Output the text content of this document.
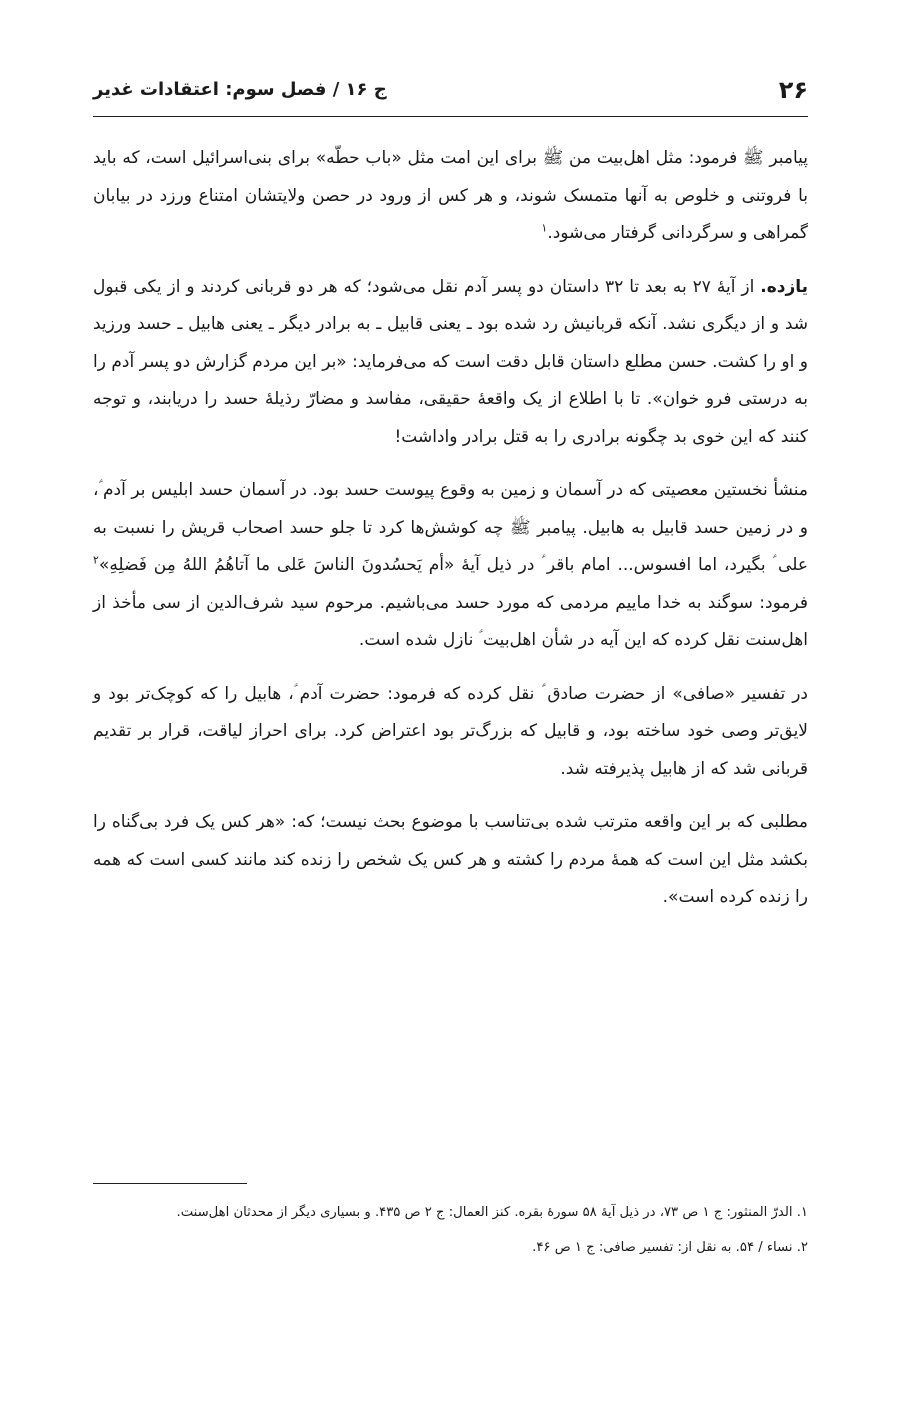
۲۶
ج ۱۶ / فصل سوم: اعتقادات غدیر

پیامبر ﷺ فرمود: مثل اهل‌بیت من ﷺ برای این امت مثل «باب حطّه» برای بنی‌اسرائیل است، که باید با فروتنی و خلوص به آنها متمسک شوند، و هر کس از ورود در حصن ولایتشان امتناع ورزد در بیابان گمراهی و سرگردانی گرفتار می‌شود.$^۱$

یازده. از آیهٔ ۲۷ به بعد تا ۳۲ داستان دو پسر آدم نقل می‌شود؛ که هر دو قربانی کردند و از یکی قبول شد و از دیگری نشد. آنکه قربانیش رد شده بود ـ یعنی قابیل ـ به برادر دیگر ـ یعنی هابیل ـ حسد ورزید و او را کشت. حسن مطلع داستان قابل دقت است که می‌فرماید: «بر این مردم گزارش دو پسر آدم را به درستی فرو خوان». تا با اطلاع از یک واقعهٔ حقیقی، مفاسد و مضارّ رذیلهٔ حسد را دریابند، و توجه کنند که این خوی بد چگونه برادری را به قتل برادر واداشت!

منشأ نخستین معصیتی که در آسمان و زمین به وقوع پیوست حسد بود. در آسمان حسد ابلیس بر آدم ؑ، و در زمین حسد قابیل به هابیل. پیامبر ﷺ چه کوشش‌ها کرد تا جلو حسد اصحاب قریش را نسبت به علی ؑ بگیرد، اما افسوس... امام باقر ؑ در ذیل آیهٔ «أم یَحسُدونَ الناسَ عَلی ما آتاهُمُ اللهُ مِن فَضلِهِ»$^۲$ فرمود: سوگند به خدا ماییم مردمی که مورد حسد می‌باشیم. مرحوم سید شرف‌الدین از سی مأخذ از اهل‌سنت نقل کرده که این آیه در شأن اهل‌بیت ؑ نازل شده است.

در تفسیر «صافی» از حضرت صادق ؑ نقل کرده که فرمود: حضرت آدم ؑ، هابیل را که کوچک‌تر بود و لایق‌تر وصی خود ساخته بود، و قابیل که بزرگ‌تر بود اعتراض کرد. برای احراز لیاقت، قرار بر تقدیم قربانی شد که از هابیل پذیرفته شد.

مطلبی که بر این واقعه مترتب شده بی‌تناسب با موضوع بحث نیست؛ که: «هر کس یک فرد بی‌گناه را بکشد مثل این است که همهٔ مردم را کشته و هر کس یک شخص را زنده کند مانند کسی است که همه را زنده کرده است».

۱. الدرّ المنثور: ج ۱ ص ۷۳، در ذیل آیهٔ ۵۸ سورهٔ بقره. کنز العمال: ج ۲ ص ۴۳۵. و بسیاری دیگر از محدثان اهل‌سنت.

۲. نساء / ۵۴. به نقل از: تفسیر صافی: ج ۱ ص ۴۶.
